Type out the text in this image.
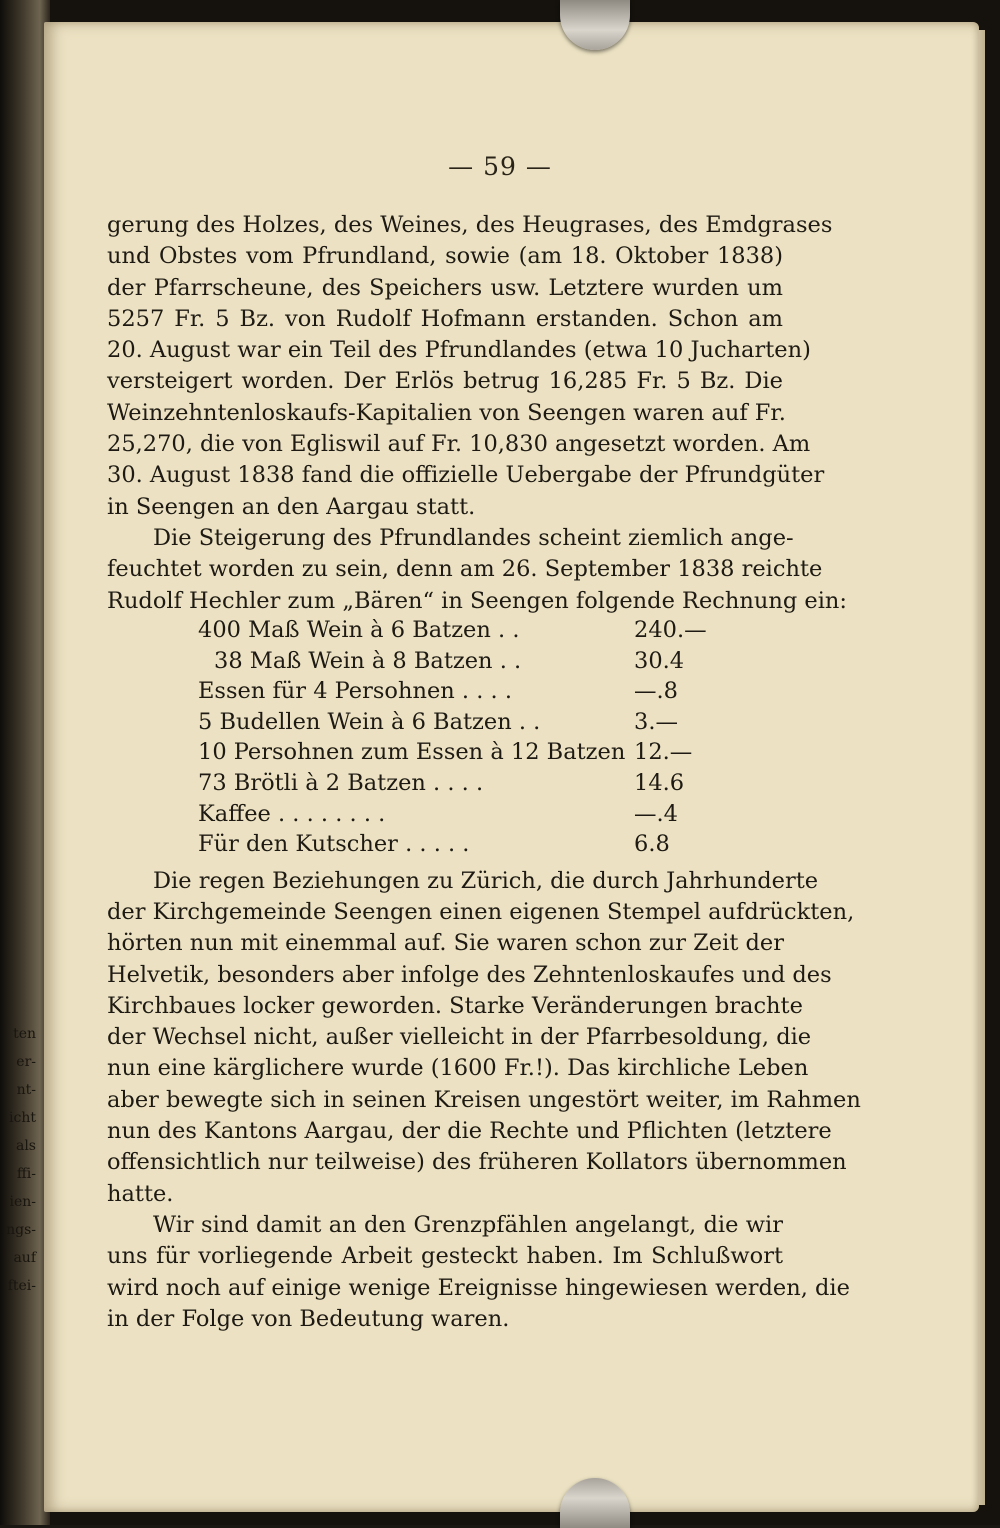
ten
er-
nt-
icht
als
ffi-
ien-
ngs-
auf
ftei-
— 59 —
gerung des Holzes, des Weines, des Heugrases, des Emdgrases
und Obstes vom Pfrundland, sowie (am 18. Oktober 1838)
der Pfarrscheune, des Speichers usw. Letztere wurden um
5257 Fr. 5 Bz. von Rudolf Hofmann erstanden. Schon am
20. August war ein Teil des Pfrundlandes (etwa 10 Jucharten)
versteigert worden. Der Erlös betrug 16,285 Fr. 5 Bz. Die
Weinzehntenloskaufs-Kapitalien von Seengen waren auf Fr.
25,270, die von Egliswil auf Fr. 10,830 angesetzt worden. Am
30. August 1838 fand die offizielle Uebergabe der Pfrundgüter
in Seengen an den Aargau statt.
Die Steigerung des Pfrundlandes scheint ziemlich ange-
feuchtet worden zu sein, denn am 26. September 1838 reichte
Rudolf Hechler zum „Bären“ in Seengen folgende Rechnung ein:
Die regen Beziehungen zu Zürich, die durch Jahrhunderte
der Kirchgemeinde Seengen einen eigenen Stempel aufdrückten,
hörten nun mit einemmal auf. Sie waren schon zur Zeit der
Helvetik, besonders aber infolge des Zehntenloskaufes und des
Kirchbaues locker geworden. Starke Veränderungen brachte
der Wechsel nicht, außer vielleicht in der Pfarrbesoldung, die
nun eine kärglichere wurde (1600 Fr.!). Das kirchliche Leben
aber bewegte sich in seinen Kreisen ungestört weiter, im Rahmen
nun des Kantons Aargau, der die Rechte und Pflichten (letztere
offensichtlich nur teilweise) des früheren Kollators übernommen
hatte.
Wir sind damit an den Grenzpfählen angelangt, die wir
uns für vorliegende Arbeit gesteckt haben. Im Schlußwort
wird noch auf einige wenige Ereignisse hingewiesen werden, die
in der Folge von Bedeutung waren.
400 Maß Wein à 6 Batzen . .	240.—
38 Maß Wein à 8 Batzen . .	30.4
Essen für 4 Persohnen . . . .	—.8
5 Budellen Wein à 6 Batzen . .	3.—
10 Persohnen zum Essen à 12 Batzen 12.—
73 Brötli à 2 Batzen . . . .	14.6
Kaffee . . . . . . . .	—.4
Für den Kutscher . . . . .	6.8
